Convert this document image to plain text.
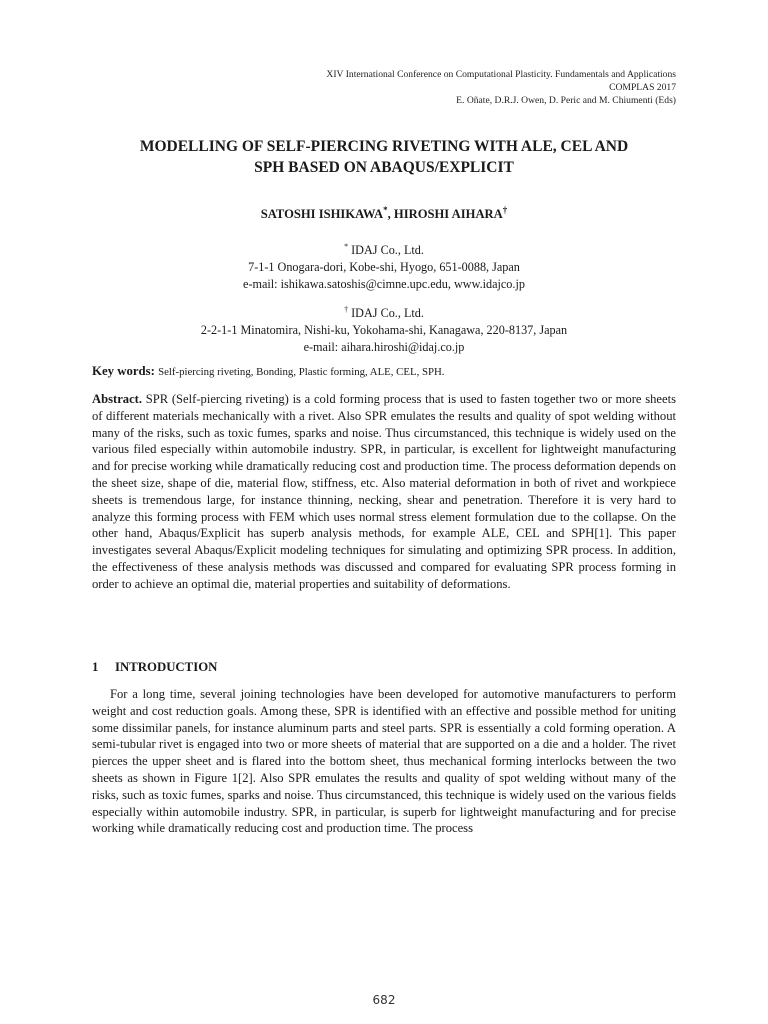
XIV International Conference on Computational Plasticity. Fundamentals and Applications
COMPLAS 2017
E. Oñate, D.R.J. Owen, D. Peric and M. Chiumenti (Eds)
MODELLING OF SELF-PIERCING RIVETING WITH ALE, CEL AND
SPH BASED ON ABAQUS/EXPLICIT
SATOSHI ISHIKAWA*, HIROSHI AIHARA†
* IDAJ Co., Ltd.
7-1-1 Onogara-dori, Kobe-shi, Hyogo, 651-0088, Japan
e-mail: ishikawa.satoshis@cimne.upc.edu, www.idajco.jp
† IDAJ Co., Ltd.
2-2-1-1 Minatomira, Nishi-ku, Yokohama-shi, Kanagawa, 220-8137, Japan
e-mail: aihara.hiroshi@idaj.co.jp
Key words: Self-piercing riveting, Bonding, Plastic forming, ALE, CEL, SPH.

Abstract. SPR (Self-piercing riveting) is a cold forming process that is used to fasten together two or more sheets of different materials mechanically with a rivet. Also SPR emulates the results and quality of spot welding without many of the risks, such as toxic fumes, sparks and noise. Thus circumstanced, this technique is widely used on the various filed especially within automobile industry. SPR, in particular, is excellent for lightweight manufacturing and for precise working while dramatically reducing cost and production time. The process deformation depends on the sheet size, shape of die, material flow, stiffness, etc. Also material deformation in both of rivet and workpiece sheets is tremendous large, for instance thinning, necking, shear and penetration. Therefore it is very hard to analyze this forming process with FEM which uses normal stress element formulation due to the collapse. On the other hand, Abaqus/Explicit has superb analysis methods, for example ALE, CEL and SPH[1]. This paper investigates several Abaqus/Explicit modeling techniques for simulating and optimizing SPR process. In addition, the effectiveness of these analysis methods was discussed and compared for evaluating SPR process forming in order to achieve an optimal die, material properties and suitability of deformations.

1 INTRODUCTION

For a long time, several joining technologies have been developed for automotive manufacturers to perform weight and cost reduction goals. Among these, SPR is identified with an effective and possible method for uniting some dissimilar panels, for instance aluminum parts and steel parts. SPR is essentially a cold forming operation. A semi-tubular rivet is engaged into two or more sheets of material that are supported on a die and a holder. The rivet pierces the upper sheet and is flared into the bottom sheet, thus mechanical forming interlocks between the two sheets as shown in Figure 1[2]. Also SPR emulates the results and quality of spot welding without many of the risks, such as toxic fumes, sparks and noise. Thus circumstanced, this technique is widely used on the various fields especially within automobile industry. SPR, in particular, is superb for lightweight manufacturing and for precise working while dramatically reducing cost and production time. The process

682
